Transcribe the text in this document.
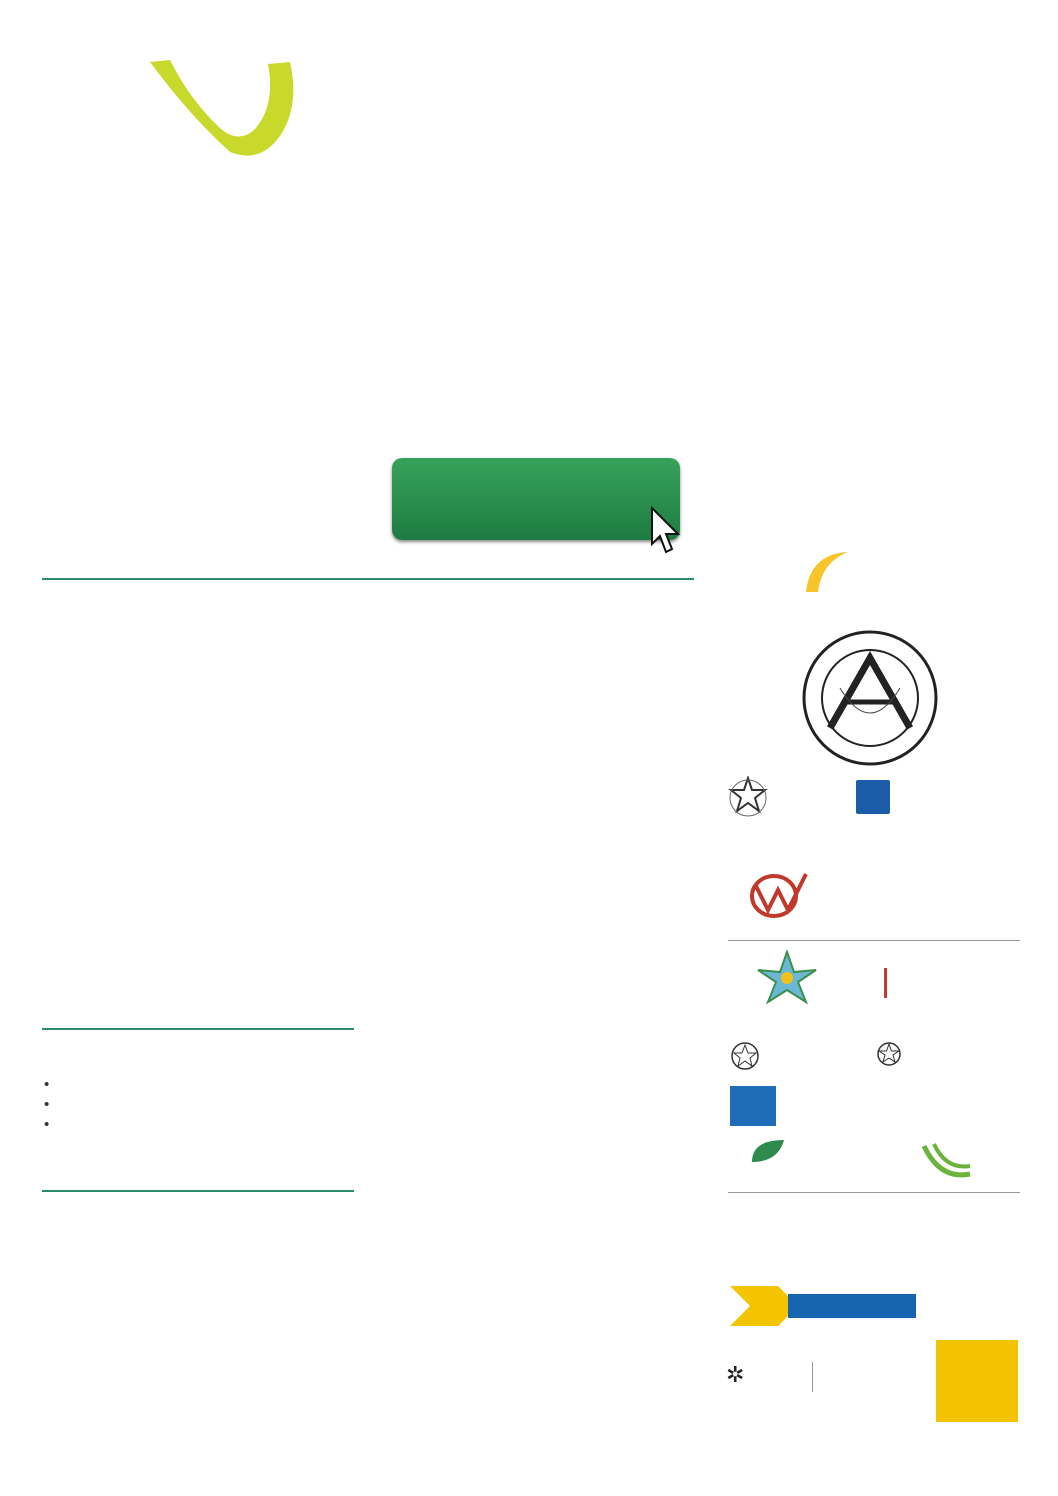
•
•
•
✲
